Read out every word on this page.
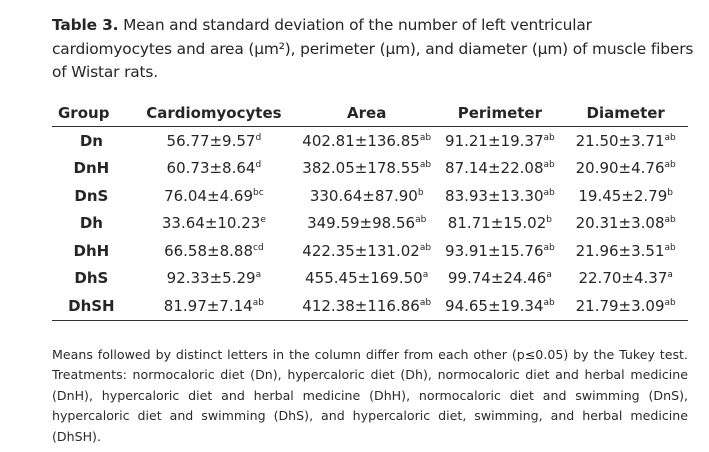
Table 3. Mean and standard deviation of the number of left ventricular cardiomyocytes and area (µm²), perimeter (µm), and diameter (µm) of muscle fibers of Wistar rats.
Group	Cardiomyocytes	Area	Perimeter	Diameter
Dn	56.77±9.57$^d$	402.81±136.85$^{ab}$	91.21±19.37$^{ab}$	21.50±3.71$^{ab}$
DnH	60.73±8.64$^d$	382.05±178.55$^{ab}$	87.14±22.08$^{ab}$	20.90±4.76$^{ab}$
DnS	76.04±4.69$^{bc}$	330.64±87.90$^b$	83.93±13.30$^{ab}$	19.45±2.79$^b$
Dh	33.64±10.23$^e$	349.59±98.56$^{ab}$	81.71±15.02$^b$	20.31±3.08$^{ab}$
DhH	66.58±8.88$^{cd}$	422.35±131.02$^{ab}$	93.91±15.76$^{ab}$	21.96±3.51$^{ab}$
DhS	92.33±5.29$^a$	455.45±169.50$^a$	99.74±24.46$^a$	22.70±4.37$^a$
DhSH	81.97±7.14$^{ab}$	412.38±116.86$^{ab}$	94.65±19.34$^{ab}$	21.79±3.09$^{ab}$

Means followed by distinct letters in the column differ from each other (p≤0.05) by the Tukey test. Treatments: normocaloric diet (Dn), hypercaloric diet (Dh), normocaloric diet and herbal medicine (DnH), hypercaloric diet and herbal medicine (DhH), normocaloric diet and swimming (DnS), hypercaloric diet and swimming (DhS), and hypercaloric diet, swimming, and herbal medicine (DhSH).
